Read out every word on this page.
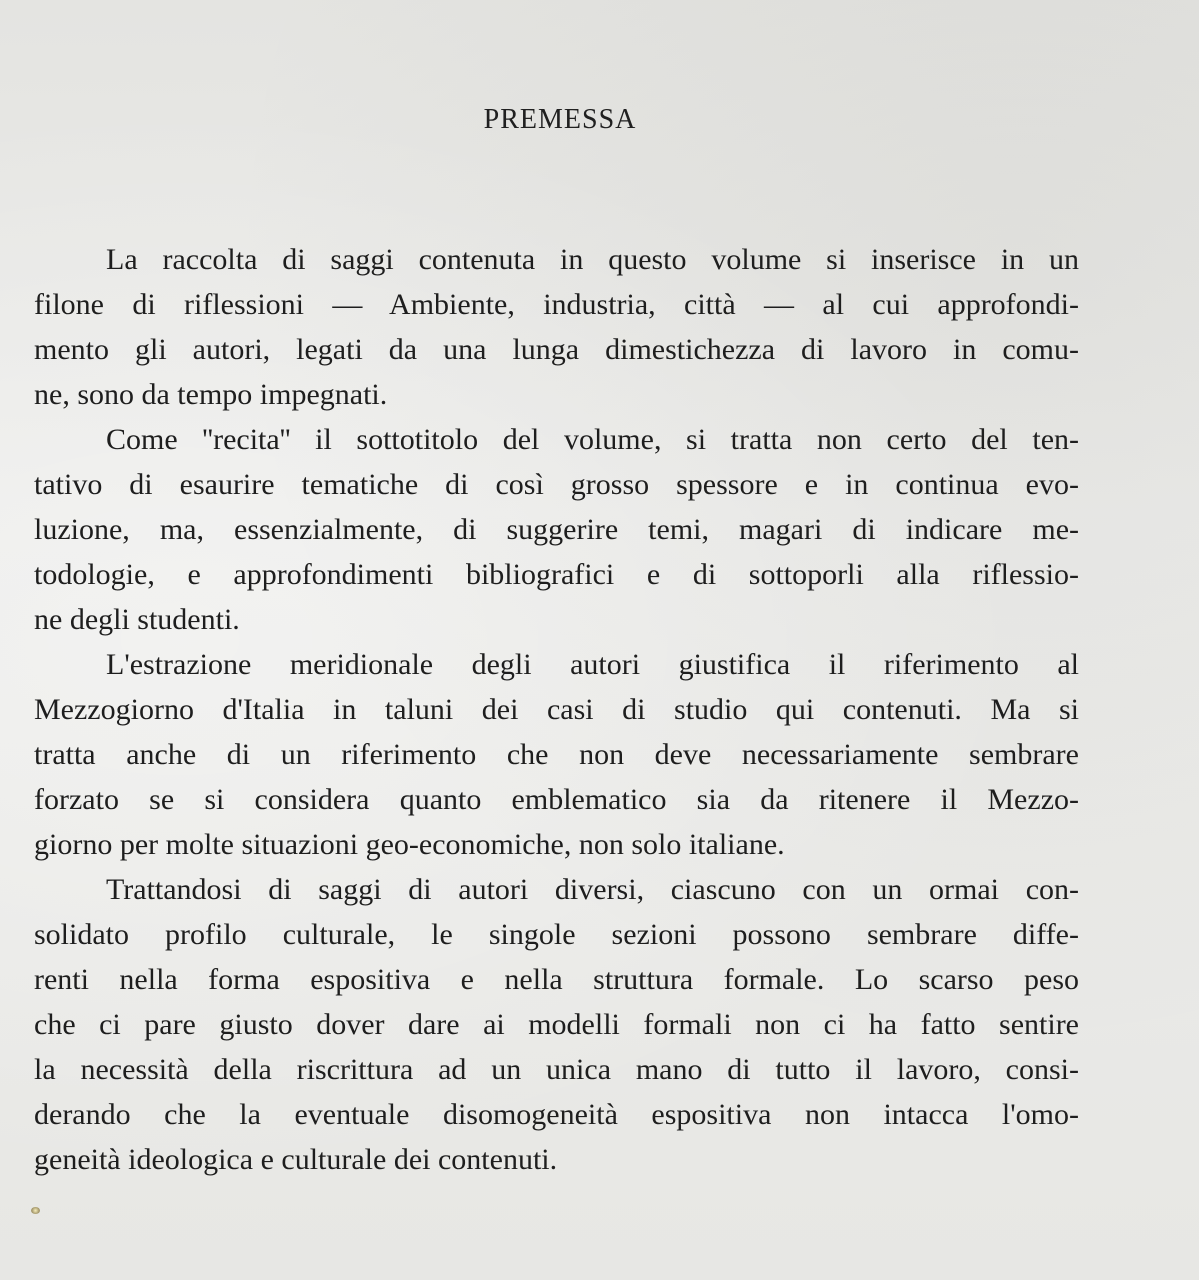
PREMESSA
La raccolta di saggi contenuta in questo volume si inserisce in un
filone di riflessioni — Ambiente, industria, città — al cui approfondi-
mento gli autori, legati da una lunga dimestichezza di lavoro in comu-
ne, sono da tempo impegnati.
Come ''recita'' il sottotitolo del volume, si tratta non certo del ten-
tativo di esaurire tematiche di così grosso spessore e in continua evo-
luzione, ma, essenzialmente, di suggerire temi, magari di indicare me-
todologie, e approfondimenti bibliografici e di sottoporli alla riflessio-
ne degli studenti.
L'estrazione meridionale degli autori giustifica il riferimento al
Mezzogiorno d'Italia in taluni dei casi di studio qui contenuti. Ma si
tratta anche di un riferimento che non deve necessariamente sembrare
forzato se si considera quanto emblematico sia da ritenere il Mezzo-
giorno per molte situazioni geo-economiche, non solo italiane.
Trattandosi di saggi di autori diversi, ciascuno con un ormai con-
solidato profilo culturale, le singole sezioni possono sembrare diffe-
renti nella forma espositiva e nella struttura formale. Lo scarso peso
che ci pare giusto dover dare ai modelli formali non ci ha fatto sentire
la necessità della riscrittura ad un unica mano di tutto il lavoro, consi-
derando che la eventuale disomogeneità espositiva non intacca l'omo-
geneità ideologica e culturale dei contenuti.
